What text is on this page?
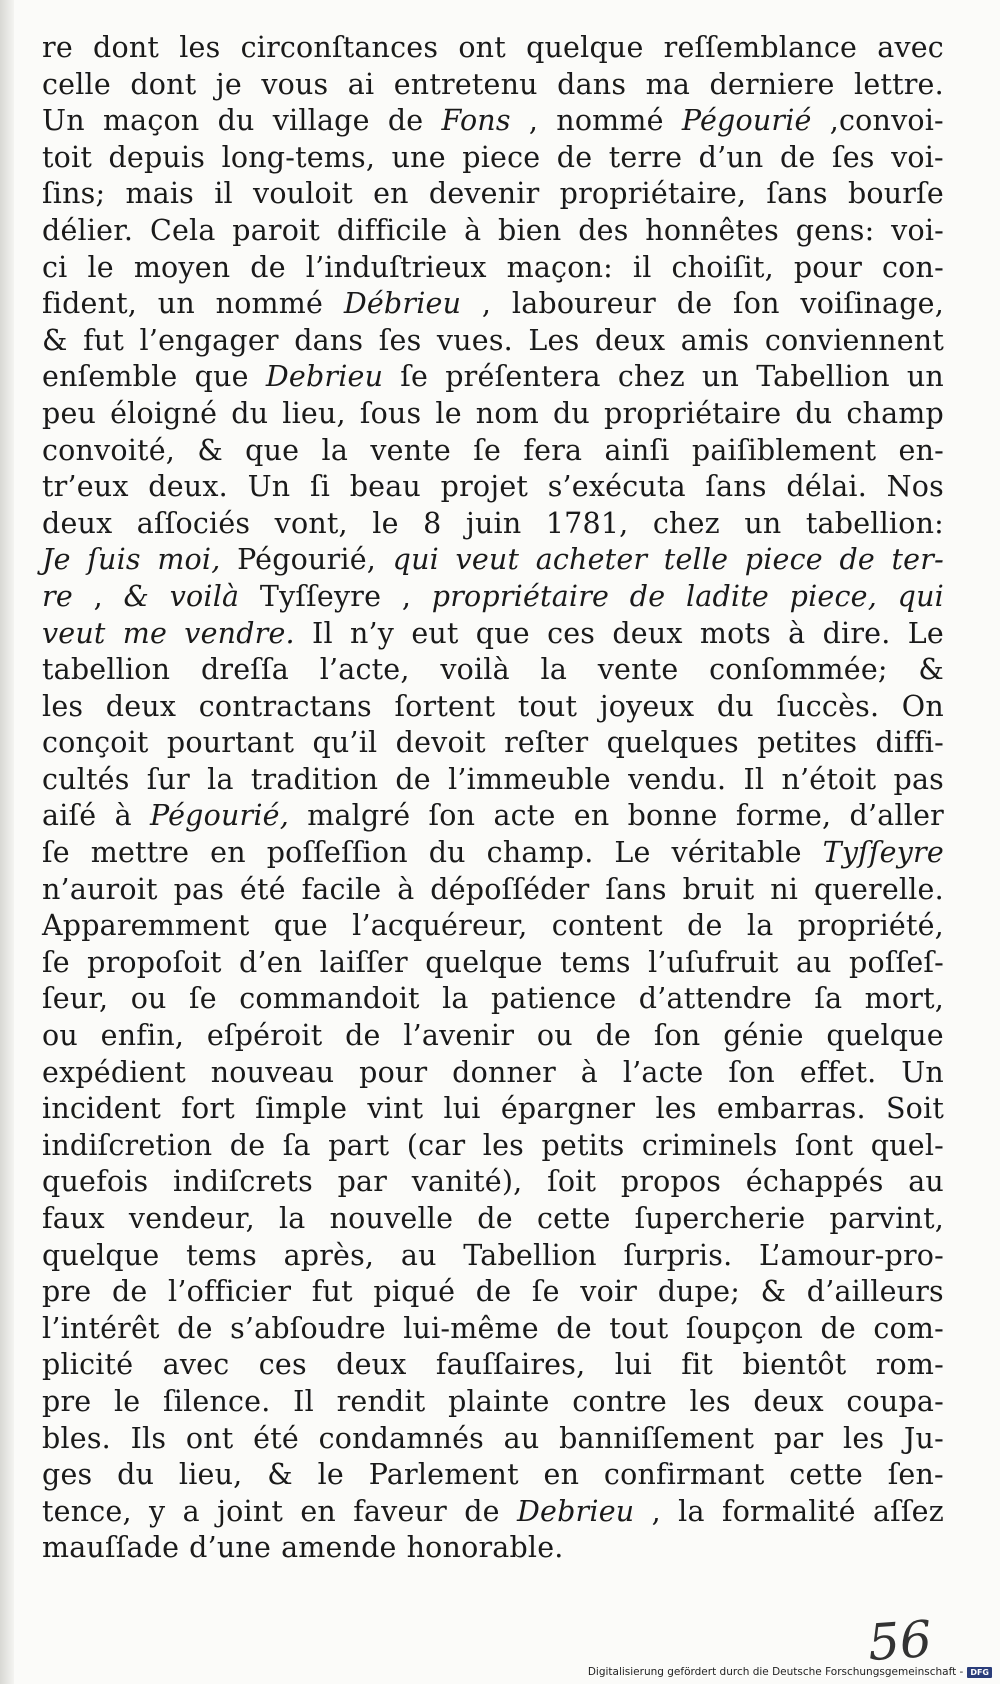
re dont les circonſtances ont quelque reſſemblance avec
celle dont je vous ai entretenu dans ma derniere lettre.
Un maçon du village de Fons , nommé Pégourié ,convoi-
toit depuis long-tems, une piece de terre d’un de ſes voi-
ſins; mais il vouloit en devenir propriétaire, ſans bourſe
délier. Cela paroit difficile à bien des honnêtes gens: voi-
ci le moyen de l’induſtrieux maçon: il choiſit, pour con-
fident, un nommé Débrieu , laboureur de ſon voiſinage,
& fut l’engager dans ſes vues. Les deux amis conviennent
enſemble que Debrieu ſe préſentera chez un Tabellion un
peu éloigné du lieu, ſous le nom du propriétaire du champ
convoité, & que la vente ſe fera ainſi paiſiblement en-
tr’eux deux. Un ſi beau projet s’exécuta ſans délai. Nos
deux aſſociés vont, le 8 juin 1781, chez un tabellion:
Je ſuis moi, Pégourié, qui veut acheter telle piece de ter-
re , & voilà Tyſſeyre , propriétaire de ladite piece, qui
veut me vendre. Il n’y eut que ces deux mots à dire. Le
tabellion dreſſa l’acte, voilà la vente conſommée; &
les deux contractans ſortent tout joyeux du ſuccès. On
conçoit pourtant qu’il devoit reſter quelques petites diffi-
cultés ſur la tradition de l’immeuble vendu. Il n’étoit pas
aiſé à Pégourié, malgré ſon acte en bonne forme, d’aller
ſe mettre en poſſeſſion du champ. Le véritable Tyſſeyre
n’auroit pas été facile à dépoſſéder ſans bruit ni querelle.
Apparemment que l’acquéreur, content de la propriété,
ſe propoſoit d’en laiſſer quelque tems l’uſufruit au poſſeſ-
ſeur, ou ſe commandoit la patience d’attendre ſa mort,
ou enfin, eſpéroit de l’avenir ou de ſon génie quelque
expédient nouveau pour donner à l’acte ſon effet. Un
incident fort ſimple vint lui épargner les embarras. Soit
indiſcretion de ſa part (car les petits criminels ſont quel-
quefois indiſcrets par vanité), ſoit propos échappés au
faux vendeur, la nouvelle de cette ſupercherie parvint,
quelque tems après, au Tabellion ſurpris. L’amour-pro-
pre de l’officier fut piqué de ſe voir dupe; & d’ailleurs
l’intérêt de s’abſoudre lui-même de tout ſoupçon de com-
plicité avec ces deux fauſſaires, lui fit bientôt rom-
pre le ſilence. Il rendit plainte contre les deux coupa-
bles. Ils ont été condamnés au banniſſement par les Ju-
ges du lieu, & le Parlement en confirmant cette ſen-
tence, y a joint en faveur de Debrieu , la formalité aſſez
mauſſade d’une amende honorable.
56
Digitalisierung gefördert durch die Deutsche Forschungsgemeinschaft - DFG
